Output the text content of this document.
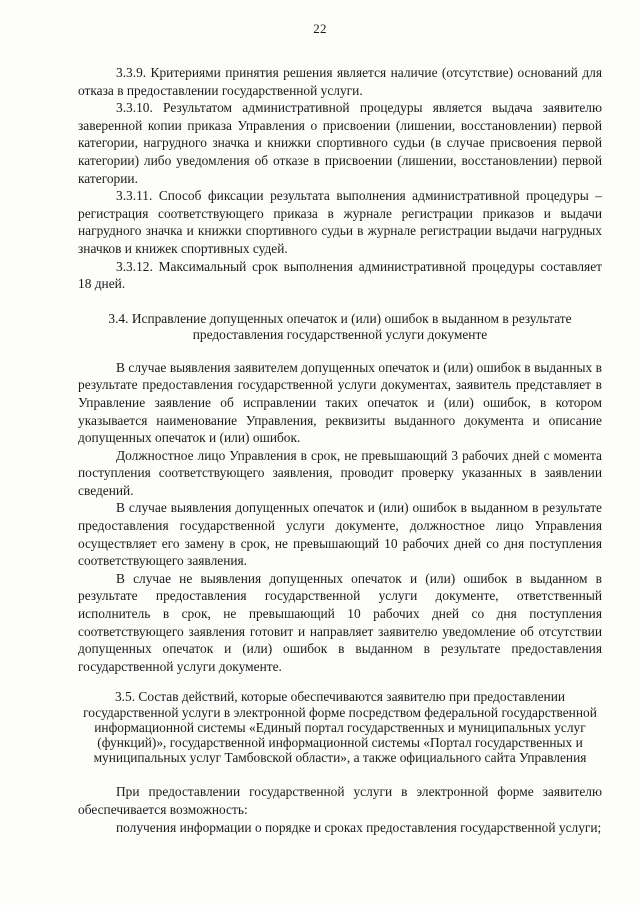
22

3.3.9. Критериями принятия решения является наличие (отсутствие) оснований для отказа в предоставлении государственной услуги.

3.3.10. Результатом административной процедуры является выдача заявителю заверенной копии приказа Управления о присвоении (лишении, восстановлении) первой категории, нагрудного значка и книжки спортивного судьи (в случае присвоения первой категории) либо уведомления об отказе в присвоении (лишении, восстановлении) первой категории.

3.3.11. Способ фиксации результата выполнения административной процедуры – регистрация соответствующего приказа в журнале регистрации приказов и выдачи нагрудного значка и книжки спортивного судьи в журнале регистрации выдачи нагрудных значков и книжек спортивных судей.

3.3.12. Максимальный срок выполнения административной процедуры составляет 18 дней.

3.4. Исправление допущенных опечаток и (или) ошибок в выданном в результате предоставления государственной услуги документе

В случае выявления заявителем допущенных опечаток и (или) ошибок в выданных в результате предоставления государственной услуги документах, заявитель представляет в Управление заявление об исправлении таких опечаток и (или) ошибок, в котором указывается наименование Управления, реквизиты выданного документа и описание допущенных опечаток и (или) ошибок.

Должностное лицо Управления в срок, не превышающий 3 рабочих дней с момента поступления соответствующего заявления, проводит проверку указанных в заявлении сведений.

В случае выявления допущенных опечаток и (или) ошибок в выданном в результате предоставления государственной услуги документе, должностное лицо Управления осуществляет его замену в срок, не превышающий 10 рабочих дней со дня поступления соответствующего заявления.

В случае не выявления допущенных опечаток и (или) ошибок в выданном в результате предоставления государственной услуги документе, ответственный исполнитель в срок, не превышающий 10 рабочих дней со дня поступления соответствующего заявления готовит и направляет заявителю уведомление об отсутствии допущенных опечаток и (или) ошибок в выданном в результате предоставления государственной услуги документе.

3.5. Состав действий, которые обеспечиваются заявителю при предоставлении государственной услуги в электронной форме посредством федеральной государственной информационной системы «Единый портал государственных и муниципальных услуг (функций)», государственной информационной системы «Портал государственных и муниципальных услуг Тамбовской области», а также официального сайта Управления

При предоставлении государственной услуги в электронной форме заявителю обеспечивается возможность:

получения информации о порядке и сроках предоставления государственной услуги;
